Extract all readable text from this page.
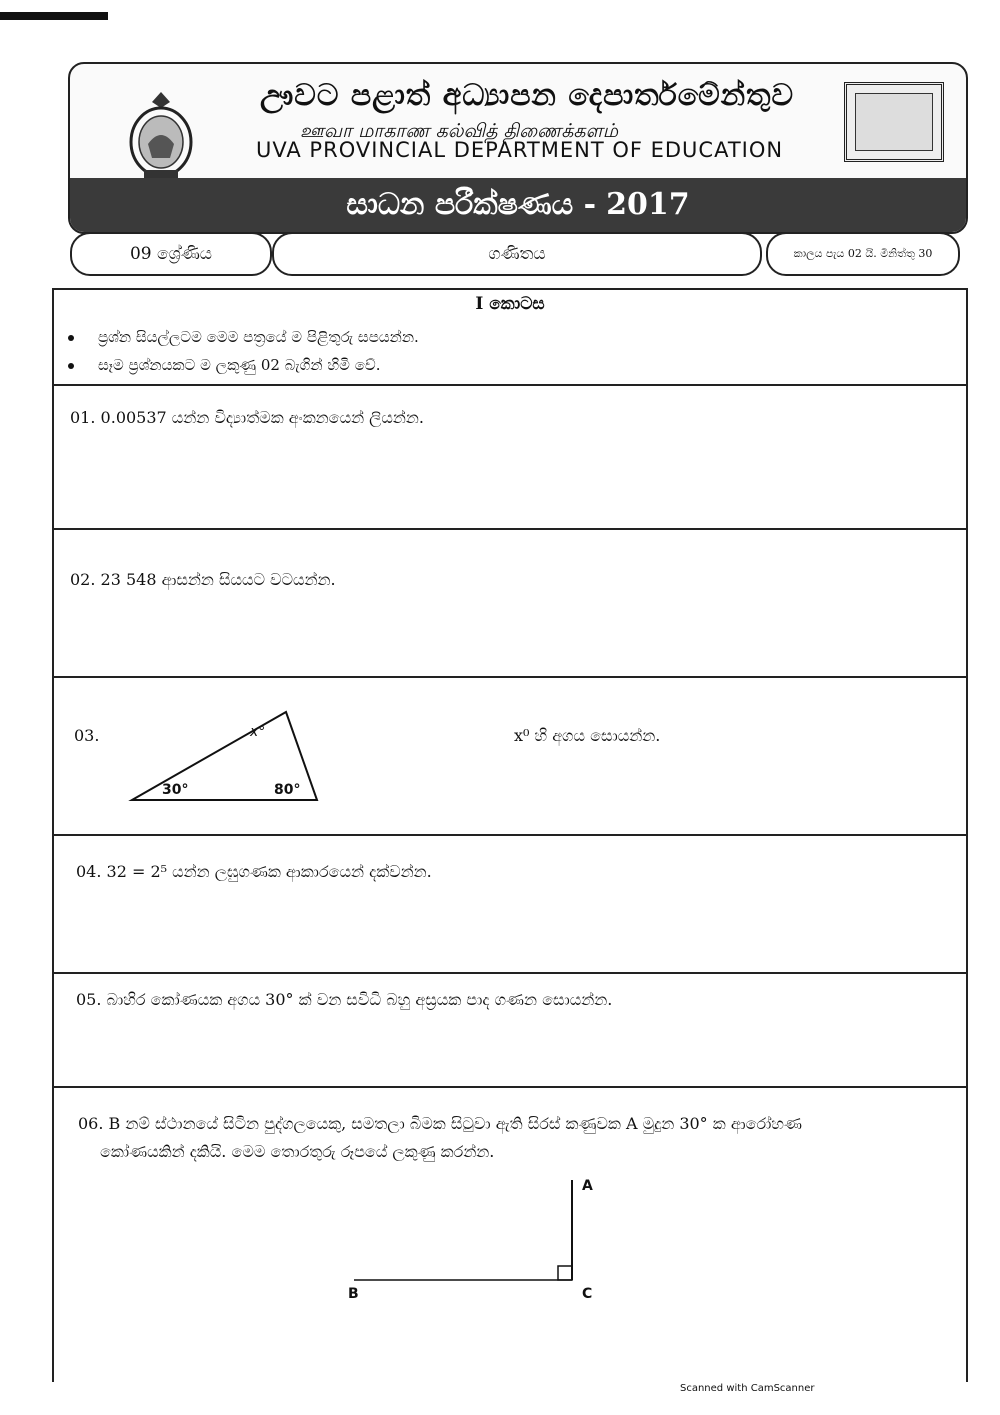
ඌවට පළාත් අධ්‍යාපන දෙපාර්තමේන්තුව
ஊவா மாகாண கல்வித் திணைக்களம்
UVA PROVINCIAL DEPARTMENT OF EDUCATION
සාධන පරීක්ෂණය - 2017
09 ශ්‍රේණිය	ගණිතය	කාලය පැය 02 යි. මිනිත්තු 30
I කොටස
ප්‍රශ්න සියල්ලටම මෙම පත්‍රයේ ම පිළිතුරු සපයන්න.
සෑම ප්‍රශ්නයකට ම ලකුණු 02 බැගින් හිමි වේ.
01. 0.00537 යන්න විද්‍යාත්මක අංකනයෙන් ලියන්න.
02. 23 548 ආසන්න සියයට වටයන්න.
03.
30°	80°
x°	x⁰ හි අගය සොයන්න.
04. 32 = 2⁵ යන්න ලඝුගණක ආකාරයෙන් දක්වන්න.
05. බාහිර කෝණයක අගය 30° ක් වන සවිධි බහු අස්‍රයක පාද ගණන සොයන්න.
06. B නම් ස්ථානයේ සිටින පුද්ගලයෙකු, සමතලා බිමක සිටුවා ඇති සිරස් කණුවක A මුදුන 30° ක ආරෝහණ
කෝණයකින් දකියි. මෙම තොරතුරු රූපයේ ලකුණු කරන්න.
A
B	C
Scanned with CamScanner
